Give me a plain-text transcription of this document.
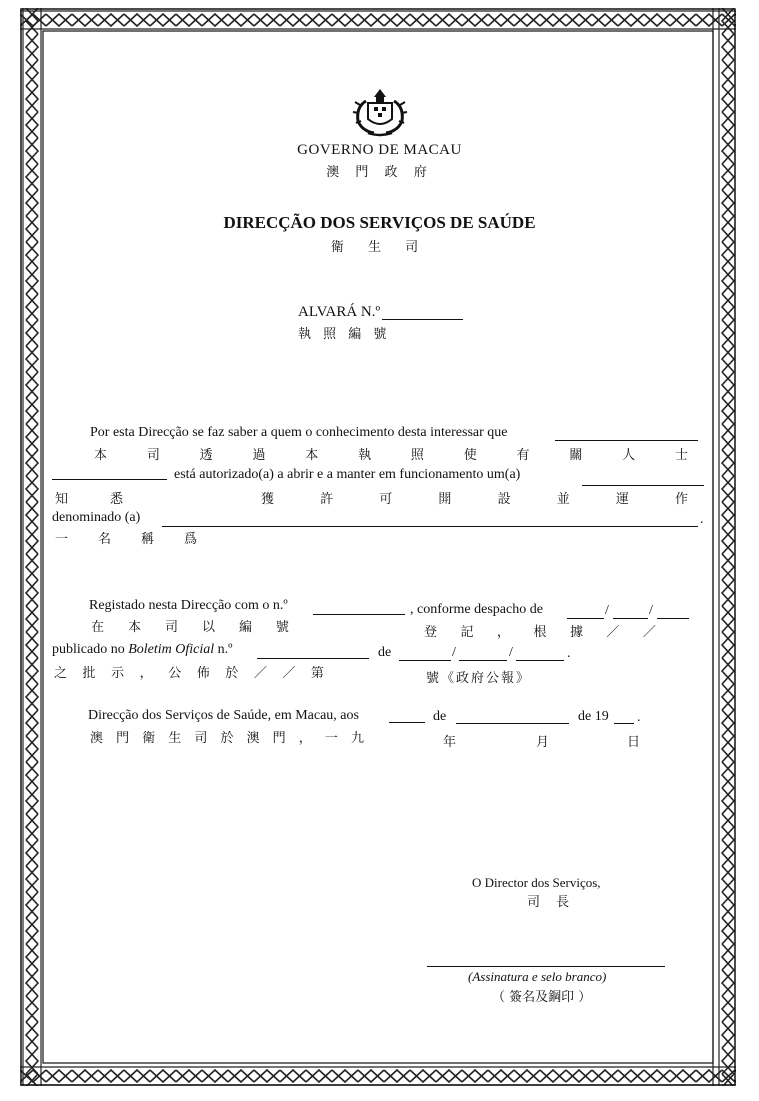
GOVERNO DE MACAU
澳 門 政 府
DIRECÇÃO DOS SERVIÇOS DE SAÚDE
衛 生 司
ALVARÁ N.º
執 照 編 號
Por esta Direcção se faz saber a quem o conhecimento desta interessar que
本	司	透	過	本	執	照	使	有	關	人	士
está autorizado(a) a abrir e a manter em funcionamento um(a)
知	悉	獲	許	可	開	設	並	運	作
denominado (a)	.
一 名 稱 爲
Registado nesta Direcção com o n.º	, conforme despacho de	/	/
在 本 司 以 編 號	登 記 ， 根 據 ／ ／
publicado no Boletim Oficial n.º	de	/	/	.
之 批 示 ， 公 佈 於 ／ ／ 第	號《政府公報》
Direcção dos Serviços de Saúde, em Macau, aos	de	de 19 .
澳 門 衛 生 司 於 澳 門 ， 一 九	年	月	日
O Director dos Serviços,
司 長
(Assinatura e selo branco)
（ 簽名及鋼印 ）
